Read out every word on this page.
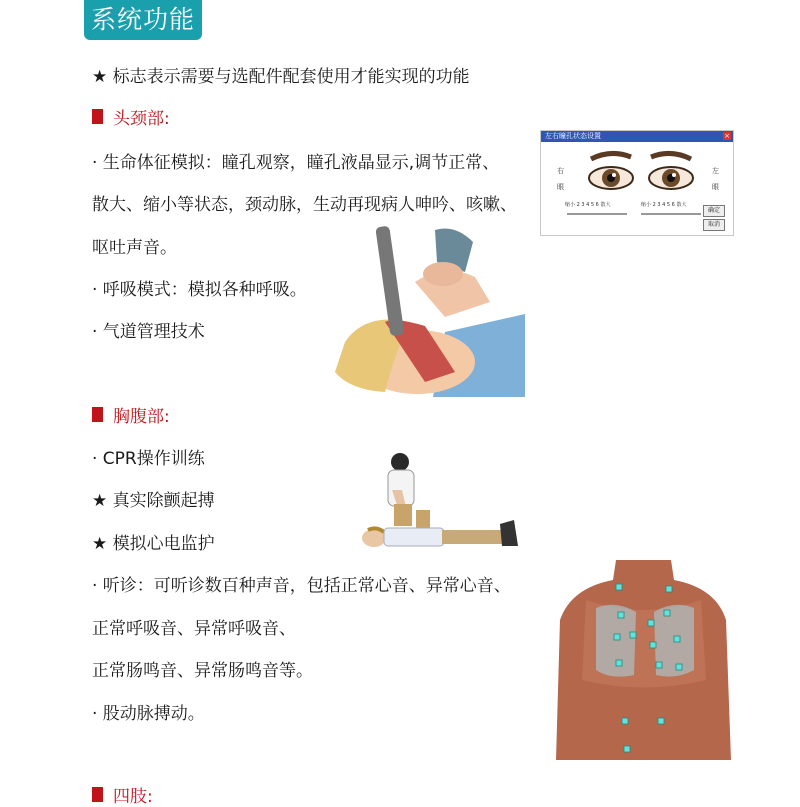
系统功能
★ 标志表示需要与选配件配套使用才能实现的功能
头颈部:
· 生命体征模拟：瞳孔观察，瞳孔液晶显示,调节正常、
散大、缩小等状态，颈动脉，生动再现病人呻吟、咳嗽、
呕吐声音。
· 呼吸模式：模拟各种呼吸。
· 气道管理技术
左右瞳孔状态设置	×
右
眼
左
眼
缩小 2 3 4 5 6 散大	缩小 2 3 4 5 6 散大
确定
取消
胸腹部:
· CPR操作训练
★ 真实除颤起搏
★ 模拟心电监护
· 听诊：可听诊数百种声音，包括正常心音、异常心音、
正常呼吸音、异常呼吸音、
正常肠鸣音、异常肠鸣音等。
· 股动脉搏动。
四肢:
